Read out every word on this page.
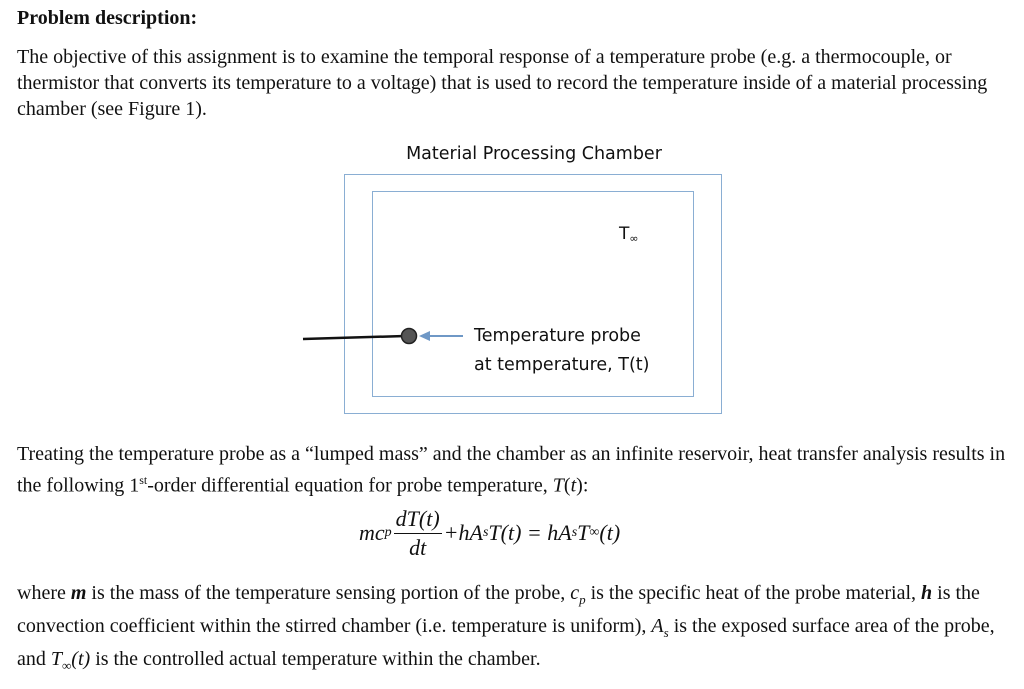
Problem description:

The objective of this assignment is to examine the temporal response of a temperature probe (e.g. a thermocouple, or thermistor that converts its temperature to a voltage) that is used to record the temperature inside of a material processing chamber (see Figure 1).

Material Processing Chamber
$T_\infty$
Temperature probe
at temperature, T(t)

Treating the temperature probe as a “lumped mass” and the chamber as an infinite reservoir, heat transfer analysis results in the following 1st-order differential equation for probe temperature, T(t):

mc p $\frac{dT(t)}{dt} +hA$ s T(t) = hA s T ∞ (t)

where m is the mass of the temperature sensing portion of the probe, $c_p$ is the specific heat of the probe material, h is the convection coefficient within the stirred chamber (i.e. temperature is uniform), $A_s$ is the exposed surface area of the probe, and $T_\infty(t)$ is the controlled actual temperature within the chamber.
